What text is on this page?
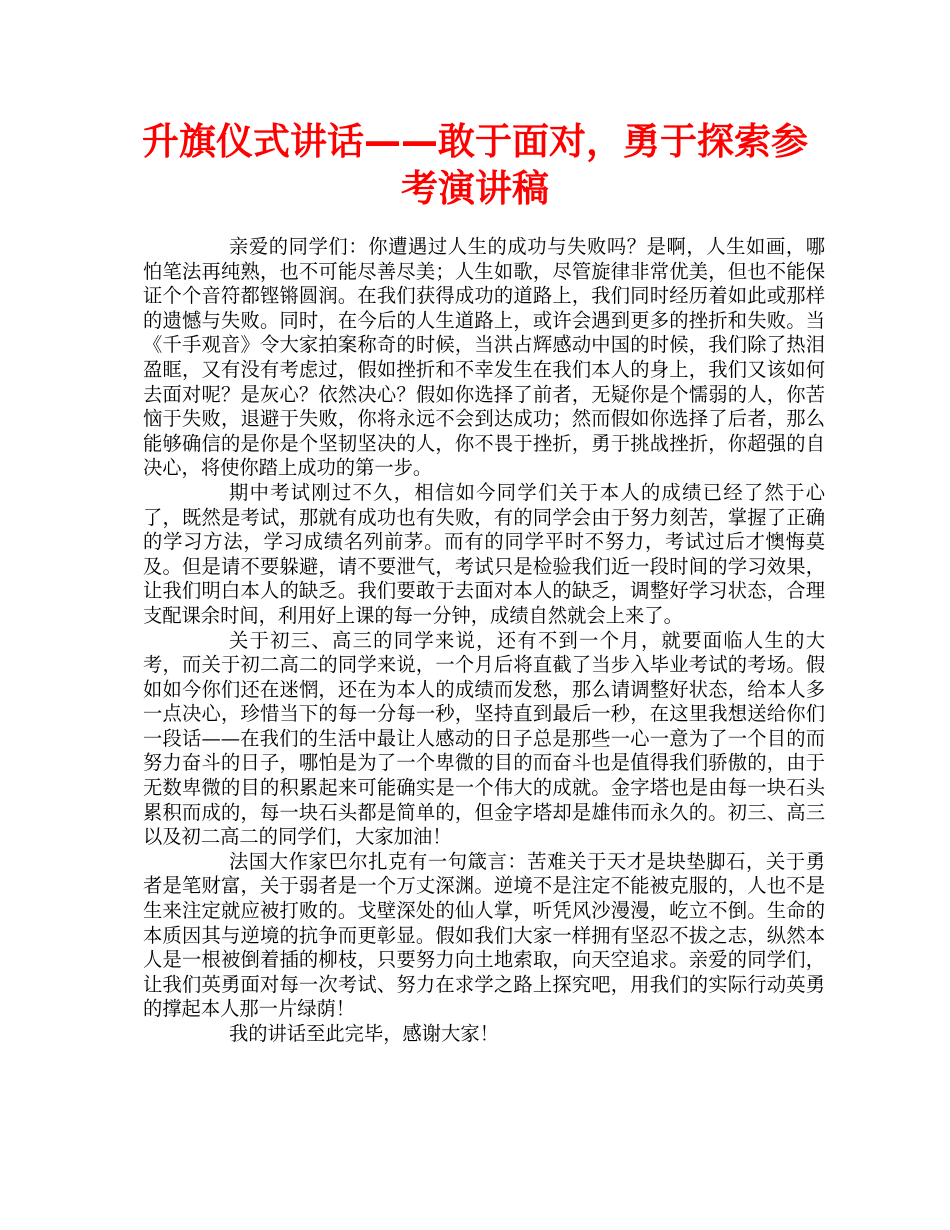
升旗仪式讲话——敢于面对，勇于探索参考演讲稿

亲爱的同学们：你遭遇过人生的成功与失败吗？是啊，人生如画，哪怕笔法再纯熟，也不可能尽善尽美；人生如歌，尽管旋律非常优美，但也不能保证个个音符都铿锵圆润。在我们获得成功的道路上，我们同时经历着如此或那样的遗憾与失败。同时，在今后的人生道路上，或许会遇到更多的挫折和失败。当《千手观音》令大家拍案称奇的时候，当洪占辉感动中国的时候，我们除了热泪盈眶，又有没有考虑过，假如挫折和不幸发生在我们本人的身上，我们又该如何去面对呢？是灰心？依然决心？假如你选择了前者，无疑你是个懦弱的人，你苦恼于失败，退避于失败，你将永远不会到达成功；然而假如你选择了后者，那么能够确信的是你是个坚韧坚决的人，你不畏于挫折，勇于挑战挫折，你超强的自决心，将使你踏上成功的第一步。

期中考试刚过不久，相信如今同学们关于本人的成绩已经了然于心了，既然是考试，那就有成功也有失败，有的同学会由于努力刻苦，掌握了正确的学习方法，学习成绩名列前茅。而有的同学平时不努力，考试过后才懊悔莫及。但是请不要躲避，请不要泄气，考试只是检验我们近一段时间的学习效果，让我们明白本人的缺乏。我们要敢于去面对本人的缺乏，调整好学习状态，合理支配课余时间，利用好上课的每一分钟，成绩自然就会上来了。

关于初三、高三的同学来说，还有不到一个月，就要面临人生的大考，而关于初二高二的同学来说，一个月后将直截了当步入毕业考试的考场。假如如今你们还在迷惘，还在为本人的成绩而发愁，那么请调整好状态，给本人多一点决心，珍惜当下的每一分每一秒，坚持直到最后一秒，在这里我想送给你们一段话——在我们的生活中最让人感动的日子总是那些一心一意为了一个目的而努力奋斗的日子，哪怕是为了一个卑微的目的而奋斗也是值得我们骄傲的，由于无数卑微的目的积累起来可能确实是一个伟大的成就。金字塔也是由每一块石头累积而成的，每一块石头都是简单的，但金字塔却是雄伟而永久的。初三、高三以及初二高二的同学们，大家加油！

法国大作家巴尔扎克有一句箴言：苦难关于天才是块垫脚石，关于勇者是笔财富，关于弱者是一个万丈深渊。逆境不是注定不能被克服的，人也不是生来注定就应被打败的。戈壁深处的仙人掌，听凭风沙漫漫，屹立不倒。生命的本质因其与逆境的抗争而更彰显。假如我们大家一样拥有坚忍不拔之志，纵然本人是一根被倒着插的柳枝，只要努力向土地索取，向天空追求。亲爱的同学们，让我们英勇面对每一次考试、努力在求学之路上探究吧，用我们的实际行动英勇的撑起本人那一片绿荫！

我的讲话至此完毕，感谢大家！
